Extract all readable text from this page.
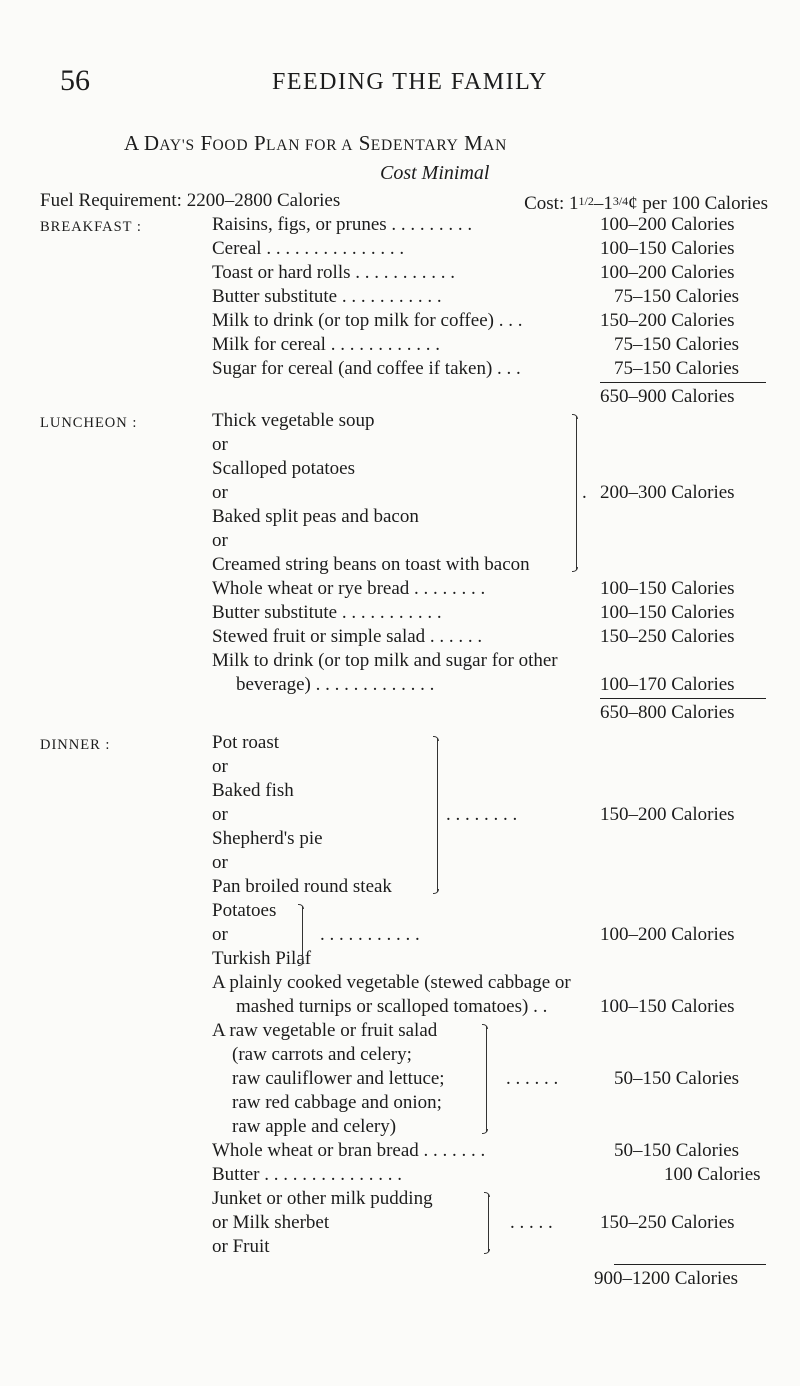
56	FEEDING THE FAMILY
A DAY'S FOOD PLAN FOR A SEDENTARY MAN
Cost Minimal
Fuel Requirement: 2200–2800 Calories	Cost: $1^{1/2}-1^{3/4}¢$ per 100 Calories
BREAKFAST :	Raisins, figs, or prunes . . . . . . . . .	100–200 Calories
Cereal . . . . . . . . . . . . . . .	100–150 Calories
Toast or hard rolls . . . . . . . . . . .	100–200 Calories
Butter substitute . . . . . . . . . . .	75–150 Calories
Milk to drink (or top milk for coffee) . . .	150–200 Calories
Milk for cereal . . . . . . . . . . . .	75–150 Calories
Sugar for cereal (and coffee if taken) . . .	75–150 Calories
650–900 Calories
LUNCHEON :	Thick vegetable soup
or
Scalloped potatoes
or
Baked split peas and bacon
or
Creamed string beans on toast with bacon
. 200–300 Calories
Whole wheat or rye bread . . . . . . . .	100–150 Calories
Butter substitute . . . . . . . . . . .	100–150 Calories
Stewed fruit or simple salad . . . . . .	150–250 Calories
Milk to drink (or top milk and sugar for other
beverage) . . . . . . . . . . . . .	100–170 Calories
650–800 Calories
DINNER :	Pot roast
or
Baked fish
or
Shepherd's pie
or
Pan broiled round steak
. . . . . . . .	150–200 Calories
Potatoes
or
Turkish Pilaf
. . . . . . . . . . .	100–200 Calories
A plainly cooked vegetable (stewed cabbage or
mashed turnips or scalloped tomatoes) . .	100–150 Calories
A raw vegetable or fruit salad
(raw carrots and celery;
raw cauliflower and lettuce;
raw red cabbage and onion;
raw apple and celery)
. . . . . .	50–150 Calories
Whole wheat or bran bread . . . . . . .	50–150 Calories
Butter . . . . . . . . . . . . . . .	100 Calories
Junket or other milk pudding
or Milk sherbet
or Fruit
. . . . . 150–250 Calories
900–1200 Calories
